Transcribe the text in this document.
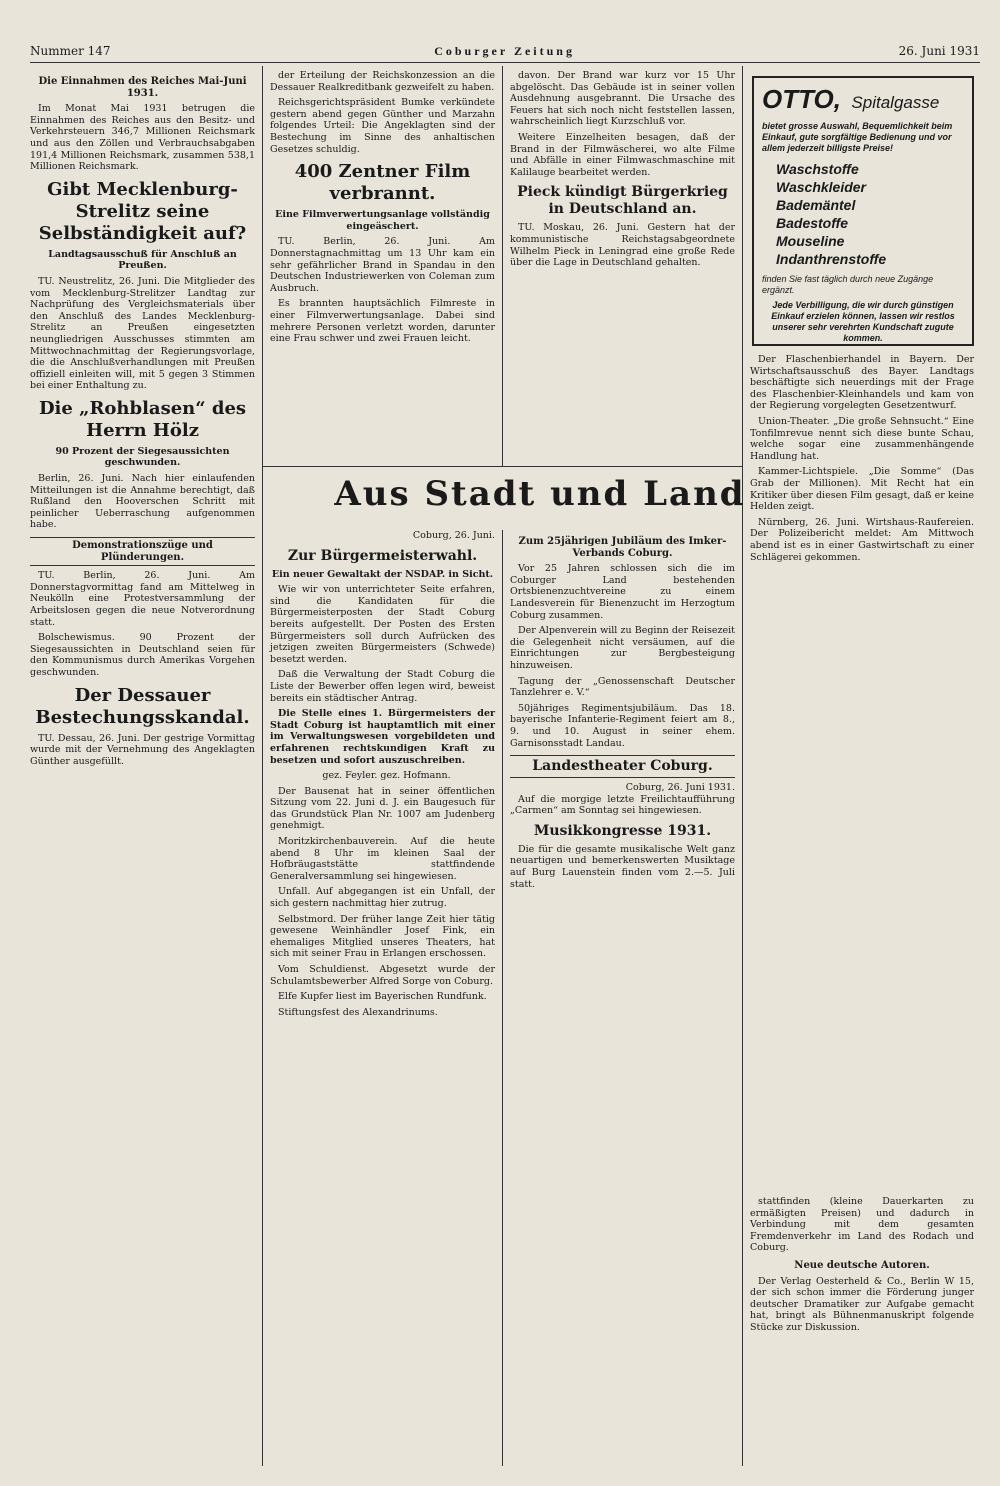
Nummer 147	Coburger Zeitung	26. Juni 1931
Die Einnahmen des Reiches Mai-Juni 1931.

Im Monat Mai 1931 betrugen die Einnahmen des Reiches aus den Besitz- und Verkehrsteuern 346,7 Millionen Reichsmark und aus den Zöllen und Verbrauchsabgaben 191,4 Millionen Reichsmark, zusammen 538,1 Millionen Reichsmark.

Gibt Mecklenburg-Strelitz seine Selbständigkeit auf?
Landtagsausschuß für Anschluß an Preußen.

TU. Neustrelitz, 26. Juni. Die Mitglieder des vom Mecklenburg-Strelitzer Landtag zur Nachprüfung des Vergleichsmaterials über den Anschluß des Landes Mecklenburg-Strelitz an Preußen eingesetzten neungliedrigen Ausschusses stimmten am Mittwochnachmittag der Regierungsvorlage, die die Anschlußverhandlungen mit Preußen offiziell einleiten will, mit 5 gegen 3 Stimmen bei einer Enthaltung zu.

Die „Rohblasen“ des Herrn Hölz
90 Prozent der Siegesaussichten geschwunden.

Berlin, 26. Juni. Nach hier einlaufenden Mitteilungen ist die Annahme berechtigt, daß Rußland den Hooverschen Schritt mit peinlicher Ueberraschung aufgenommen habe.

Demonstrationszüge und Plünderungen.

TU. Berlin, 26. Juni. Am Donnerstagvormittag fand am Mittelweg in Neukölln eine Protestversammlung der Arbeitslosen gegen die neue Notverordnung statt.

Bolschewismus. 90 Prozent der Siegesaussichten in Deutschland seien für den Kommunismus durch Amerikas Vorgehen geschwunden.

Der Dessauer Bestechungsskandal.

TU. Dessau, 26. Juni. Der gestrige Vormittag wurde mit der Vernehmung des Angeklagten Günther ausgefüllt.

der Erteilung der Reichskonzession an die Dessauer Realkreditbank gezweifelt zu haben.

Reichsgerichtspräsident Bumke verkündete gestern abend gegen Günther und Marzahn folgendes Urteil: Die Angeklagten sind der Bestechung im Sinne des anhaltischen Gesetzes schuldig.

400 Zentner Film verbrannt.
Eine Filmverwertungsanlage vollständig eingeäschert.

TU. Berlin, 26. Juni. Am Donnerstagnachmittag um 13 Uhr kam ein sehr gefährlicher Brand in Spandau in den Deutschen Industriewerken von Coleman zum Ausbruch.

Es brannten hauptsächlich Filmreste in einer Filmverwertungsanlage. Dabei sind mehrere Personen verletzt worden, darunter eine Frau schwer und zwei Frauen leicht.

davon. Der Brand war kurz vor 15 Uhr abgelöscht. Das Gebäude ist in seiner vollen Ausdehnung ausgebrannt. Die Ursache des Feuers hat sich noch nicht feststellen lassen, wahrscheinlich liegt Kurzschluß vor.

Weitere Einzelheiten besagen, daß der Brand in der Filmwäscherei, wo alte Filme und Abfälle in einer Filmwaschmaschine mit Kalilauge bearbeitet werden.

Pieck kündigt Bürgerkrieg in Deutschland an.

TU. Moskau, 26. Juni. Gestern hat der kommunistische Reichstagsabgeordnete Wilhelm Pieck in Leningrad eine große Rede über die Lage in Deutschland gehalten.

OTTO, Spitalgasse
bietet grosse Auswahl, Bequemlichkeit beim Einkauf, gute sorgfältige Bedienung und vor allem jederzeit billigste Preise!
Waschstoffe
Waschkleider
Bademäntel
Badestoffe
Mouseline
Indanthrenstoffe
finden Sie fast täglich durch neue Zugänge ergänzt.
Jede Verbilligung, die wir durch günstigen Einkauf erzielen können, lassen wir restlos unserer sehr verehrten Kundschaft zugute kommen.

Der Flaschenbierhandel in Bayern. Der Wirtschaftsausschuß des Bayer. Landtags beschäftigte sich neuerdings mit der Frage des Flaschenbier-Kleinhandels und kam von der Regierung vorgelegten Gesetzentwurf.

Union-Theater. „Die große Sehnsucht.“ Eine Tonfilmrevue nennt sich diese bunte Schau, welche sogar eine zusammenhängende Handlung hat.

Kammer-Lichtspiele. „Die Somme“ (Das Grab der Millionen). Mit Recht hat ein Kritiker über diesen Film gesagt, daß er keine Helden zeigt.

Nürnberg, 26. Juni. Wirtshaus-Raufereien. Der Polizeibericht meldet: Am Mittwoch abend ist es in einer Gastwirtschaft zu einer Schlägerei gekommen.

Aus Stadt und Land
Coburg, 26. Juni.
Zur Bürgermeisterwahl.
Ein neuer Gewaltakt der NSDAP. in Sicht.

Wie wir von unterrichteter Seite erfahren, sind die Kandidaten für die Bürgermeisterposten der Stadt Coburg bereits aufgestellt. Der Posten des Ersten Bürgermeisters soll durch Aufrücken des jetzigen zweiten Bürgermeisters (Schwede) besetzt werden.

Daß die Verwaltung der Stadt Coburg die Liste der Bewerber offen legen wird, beweist bereits ein städtischer Antrag.

Die Stelle eines 1. Bürgermeisters der Stadt Coburg ist hauptamtlich mit einer im Verwaltungswesen vorgebildeten und erfahrenen rechtskundigen Kraft zu besetzen und sofort auszuschreiben.

gez. Feyler. gez. Hofmann.

Der Bausenat hat in seiner öffentlichen Sitzung vom 22. Juni d. J. ein Baugesuch für das Grundstück Plan Nr. 1007 am Judenberg genehmigt.

Moritzkirchenbauverein. Auf die heute abend 8 Uhr im kleinen Saal der Hofbräugaststätte stattfindende Generalversammlung sei hingewiesen.

Unfall. Auf abgegangen ist ein Unfall, der sich gestern nachmittag hier zutrug.

Selbstmord. Der früher lange Zeit hier tätig gewesene Weinhändler Josef Fink, ein ehemaliges Mitglied unseres Theaters, hat sich mit seiner Frau in Erlangen erschossen.

Vom Schuldienst. Abgesetzt wurde der Schulamtsbewerber Alfred Sorge von Coburg.

Elfe Kupfer liest im Bayerischen Rundfunk.

Stiftungsfest des Alexandrinums.

Zum 25jährigen Jubiläum des Imker-Verbands Coburg.

Vor 25 Jahren schlossen sich die im Coburger Land bestehenden Ortsbienenzuchtvereine zu einem Landesverein für Bienenzucht im Herzogtum Coburg zusammen.

Der Alpenverein will zu Beginn der Reisezeit die Gelegenheit nicht versäumen, auf die Einrichtungen zur Bergbesteigung hinzuweisen.

Tagung der „Genossenschaft Deutscher Tanzlehrer e. V.“

50jähriges Regimentsjubiläum. Das 18. bayerische Infanterie-Regiment feiert am 8., 9. und 10. August in seiner ehem. Garnisonsstadt Landau.

Landestheater Coburg.
Coburg, 26. Juni 1931.

Auf die morgige letzte Freilichtaufführung „Carmen“ am Sonntag sei hingewiesen.

Musikkongresse 1931.

Die für die gesamte musikalische Welt ganz neuartigen und bemerkenswerten Musiktage auf Burg Lauenstein finden vom 2.—5. Juli statt.

stattfinden (kleine Dauerkarten zu ermäßigten Preisen) und dadurch in Verbindung mit dem gesamten Fremdenverkehr im Land des Rodach und Coburg.

Neue deutsche Autoren.

Der Verlag Oesterheld & Co., Berlin W 15, der sich schon immer die Förderung junger deutscher Dramatiker zur Aufgabe gemacht hat, bringt als Bühnenmanuskript folgende Stücke zur Diskussion.
